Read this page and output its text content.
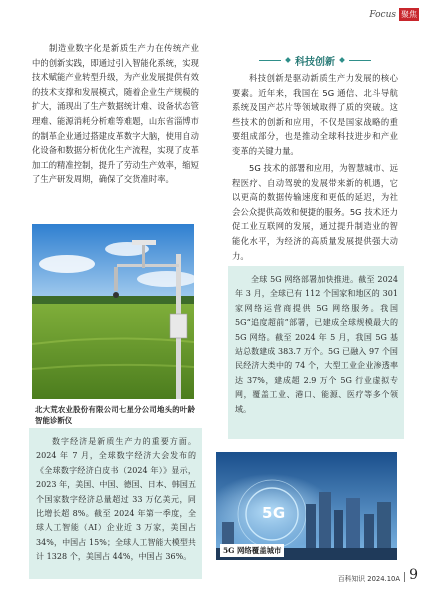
Focus 聚焦

制造业数字化是新质生产力在传统产业中的创新实践，即通过引入智能化系统，实现技术赋能产业转型升级，为产业发展提供有效的技术支撑和发展模式，随着企业生产规模的扩大，涌现出了生产数据统计难、设备状态管理难、能源消耗分析难等难题，山东省淄博市的制革企业通过搭建皮革数字大脑，使用自动化设备和数据分析优化生产流程，实现了皮革加工的精准控制，提升了劳动生产效率，缩短了生产研发周期，确保了交货准时率。

北大荒农业股份有限公司七星分公司地头的叶龄智能诊断仪

数字经济是新质生产力的重要方面。2024 年 7 月，全球数字经济大会发布的《全球数字经济白皮书（2024 年）》显示，2023 年，美国、中国、德国、日本、韩国五个国家数字经济总量超过 33 万亿美元，同比增长超 8%。截至 2024 年第一季度，全球人工智能（AI）企业近 3 万家，美国占 34%，中国占 15%；全球人工智能大模型共计 1328 个，美国占 44%，中国占 36%。

科技创新

科技创新是驱动新质生产力发展的核心要素。近年来，我国在 5G 通信、北斗导航系统及国产芯片等领域取得了质的突破。这些技术的创新和应用，不仅是国家战略的重要组成部分，也是推动全球科技进步和产业变革的关键力量。

5G 技术的部署和应用，为智慧城市、远程医疗、自动驾驶的发展带来新的机遇，它以更高的数据传输速度和更低的延迟，为社会公众提供高效和便捷的服务。5G 技术还力促工业互联网的发展，通过提升制造业的智能化水平，为经济的高质量发展提供强大动力。

全球 5G 网络部署加快推进。截至 2024 年 3 月，全球已有 112 个国家和地区的 301 家网络运营商提供 5G 网络服务。我国 5G“追度超前”部署，已建成全球规模最大的 5G 网络。截至 2024 年 5 月，我国 5G 基站总数建成 383.7 万个。5G 已融入 97 个国民经济大类中的 74 个，大型工业企业渗透率达 37%，建成超 2.9 万个 5G 行业虚拟专网，覆盖工业、港口、能源、医疗等多个领域。

5G
5G 网络覆盖城市
百科知识 2024.10A 9
